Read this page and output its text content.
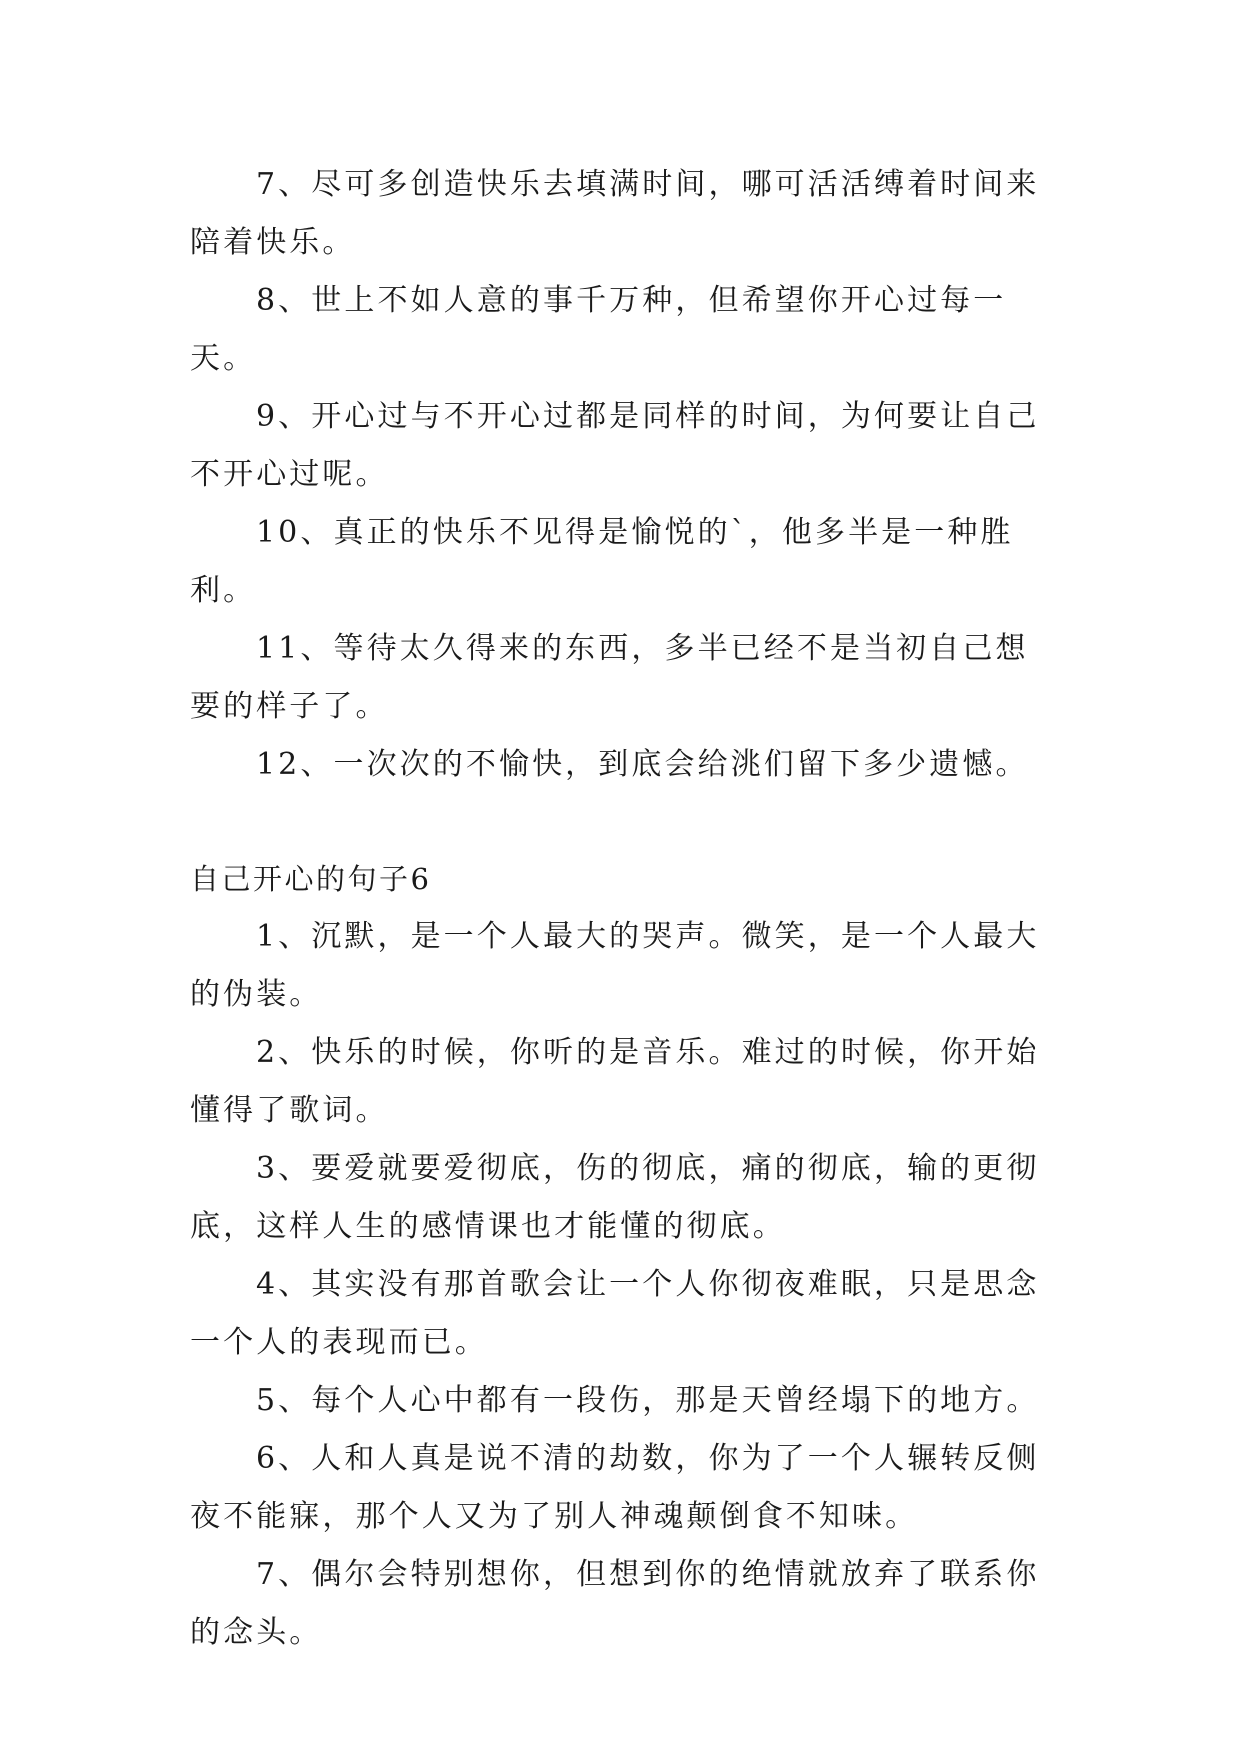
7、尽可多创造快乐去填满时间，哪可活活缚着时间来陪着快乐。

8、世上不如人意的事千万种，但希望你开心过每一天。

9、开心过与不开心过都是同样的时间，为何要让自己不开心过呢。

10、真正的快乐不见得是愉悦的`，他多半是一种胜利。

11、等待太久得来的东西，多半已经不是当初自己想要的样子了。

12、一次次的不愉快，到底会给洮们留下多少遗憾。

自己开心的句子6

1、沉默，是一个人最大的哭声。微笑，是一个人最大的伪装。

2、快乐的时候，你听的是音乐。难过的时候，你开始懂得了歌词。

3、要爱就要爱彻底，伤的彻底，痛的彻底，输的更彻底，这样人生的感情课也才能懂的彻底。

4、其实没有那首歌会让一个人你彻夜难眠，只是思念一个人的表现而已。

5、每个人心中都有一段伤，那是天曾经塌下的地方。

6、人和人真是说不清的劫数，你为了一个人辗转反侧夜不能寐，那个人又为了别人神魂颠倒食不知味。

7、偶尔会特别想你，但想到你的绝情就放弃了联系你的念头。
